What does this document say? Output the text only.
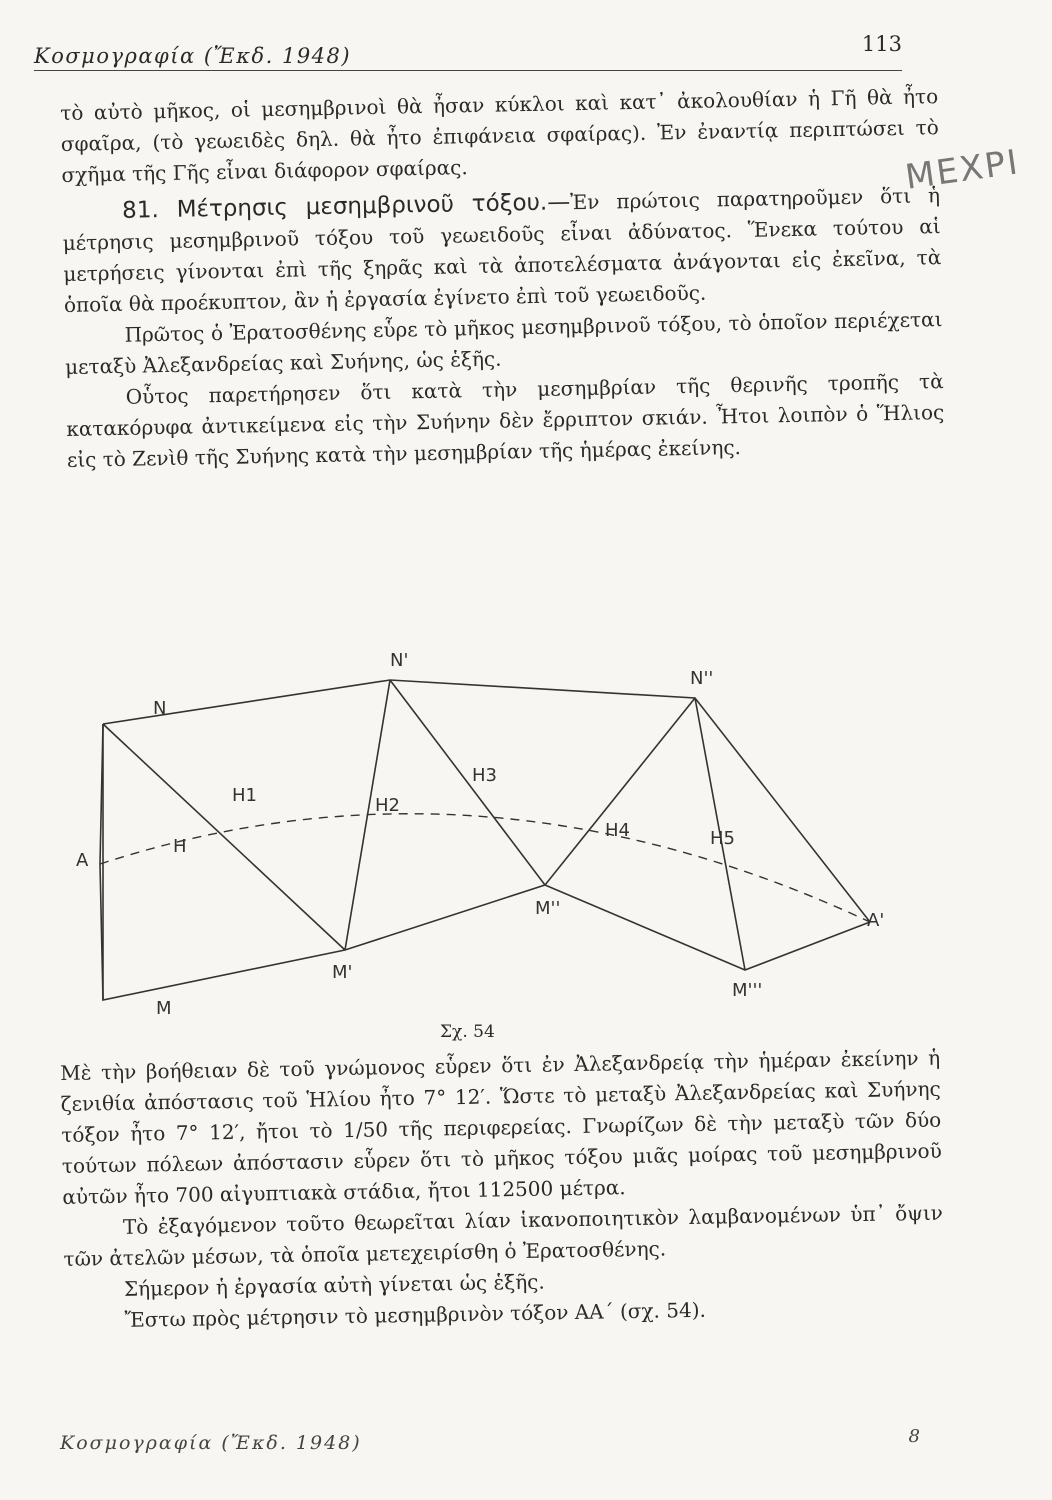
Κοσμογραφία (Ἔκδ. 1948)	113
ΜΕΧΡΙ

τὸ αὐτὸ μῆκος, οἱ μεσημβρινοὶ θὰ ἦσαν κύκλοι καὶ κατ᾿ ἀκολουθίαν ἡ Γῆ θὰ ἦτο σφαῖρα, (τὸ γεωειδὲς δηλ. θὰ ἦτο ἐπιφάνεια σφαίρας). Ἐν ἐναντίᾳ περιπτώσει τὸ σχῆμα τῆς Γῆς εἶναι διάφορον σφαίρας.

81. Μέτρησις μεσημβρινοῦ τόξου.—Ἐν πρώτοις παρατηροῦμεν ὅτι ἡ μέτρησις μεσημβρινοῦ τόξου τοῦ γεωειδοῦς εἶναι ἀδύνατος. Ἕνεκα τούτου αἱ μετρήσεις γίνονται ἐπὶ τῆς ξηρᾶς καὶ τὰ ἀποτελέσματα ἀνάγονται εἰς ἐκεῖνα, τὰ ὁποῖα θὰ προέκυπτον, ἂν ἡ ἐργασία ἐγίνετο ἐπὶ τοῦ γεωειδοῦς.

Πρῶτος ὁ Ἐρατοσθένης εὗρε τὸ μῆκος μεσημβρινοῦ τόξου, τὸ ὁποῖον περιέχεται μεταξὺ Ἀλεξανδρείας καὶ Συήνης, ὡς ἑξῆς.

Οὗτος παρετήρησεν ὅτι κατὰ τὴν μεσημβρίαν τῆς θερινῆς τροπῆς τὰ κατακόρυφα ἀντικείμενα εἰς τὴν Συήνην δὲν ἔρριπτον σκιάν. Ἦτοι λοιπὸν ὁ Ἥλιος εἰς τὸ Ζενὶθ τῆς Συήνης κατὰ τὴν μεσημβρίαν τῆς ἡμέρας ἐκείνης.

N
N'
N''
A
A'
H
H1	H2
H3
H4	H5
M
M'
M''
M'''
Σχ. 54

Μὲ τὴν βοήθειαν δὲ τοῦ γνώμονος εὗρεν ὅτι ἐν Ἀλεξανδρείᾳ τὴν ἡμέραν ἐκείνην ἡ ζενιθία ἀπόστασις τοῦ Ἡλίου ἦτο 7° 12′. Ὥστε τὸ μεταξὺ Ἀλεξανδρείας καὶ Συήνης τόξον ἦτο 7° 12′, ἤτοι τὸ 1/50 τῆς περιφερείας. Γνωρίζων δὲ τὴν μεταξὺ τῶν δύο τούτων πόλεων ἀπόστασιν εὗρεν ὅτι τὸ μῆκος τόξου μιᾶς μοίρας τοῦ μεσημβρινοῦ αὐτῶν ἦτο 700 αἰγυπτιακὰ στάδια, ἤτοι 112500 μέτρα.

Τὸ ἐξαγόμενον τοῦτο θεωρεῖται λίαν ἱκανοποιητικὸν λαμβανομένων ὑπ᾿ ὄψιν τῶν ἀτελῶν μέσων, τὰ ὁποῖα μετεχειρίσθη ὁ Ἐρατοσθένης.

Σήμερον ἡ ἐργασία αὐτὴ γίνεται ὡς ἑξῆς.

Ἔστω πρὸς μέτρησιν τὸ μεσημβρινὸν τόξον ΑΑ΄ (σχ. 54).

Κοσμογραφία (Ἔκδ. 1948)	8
